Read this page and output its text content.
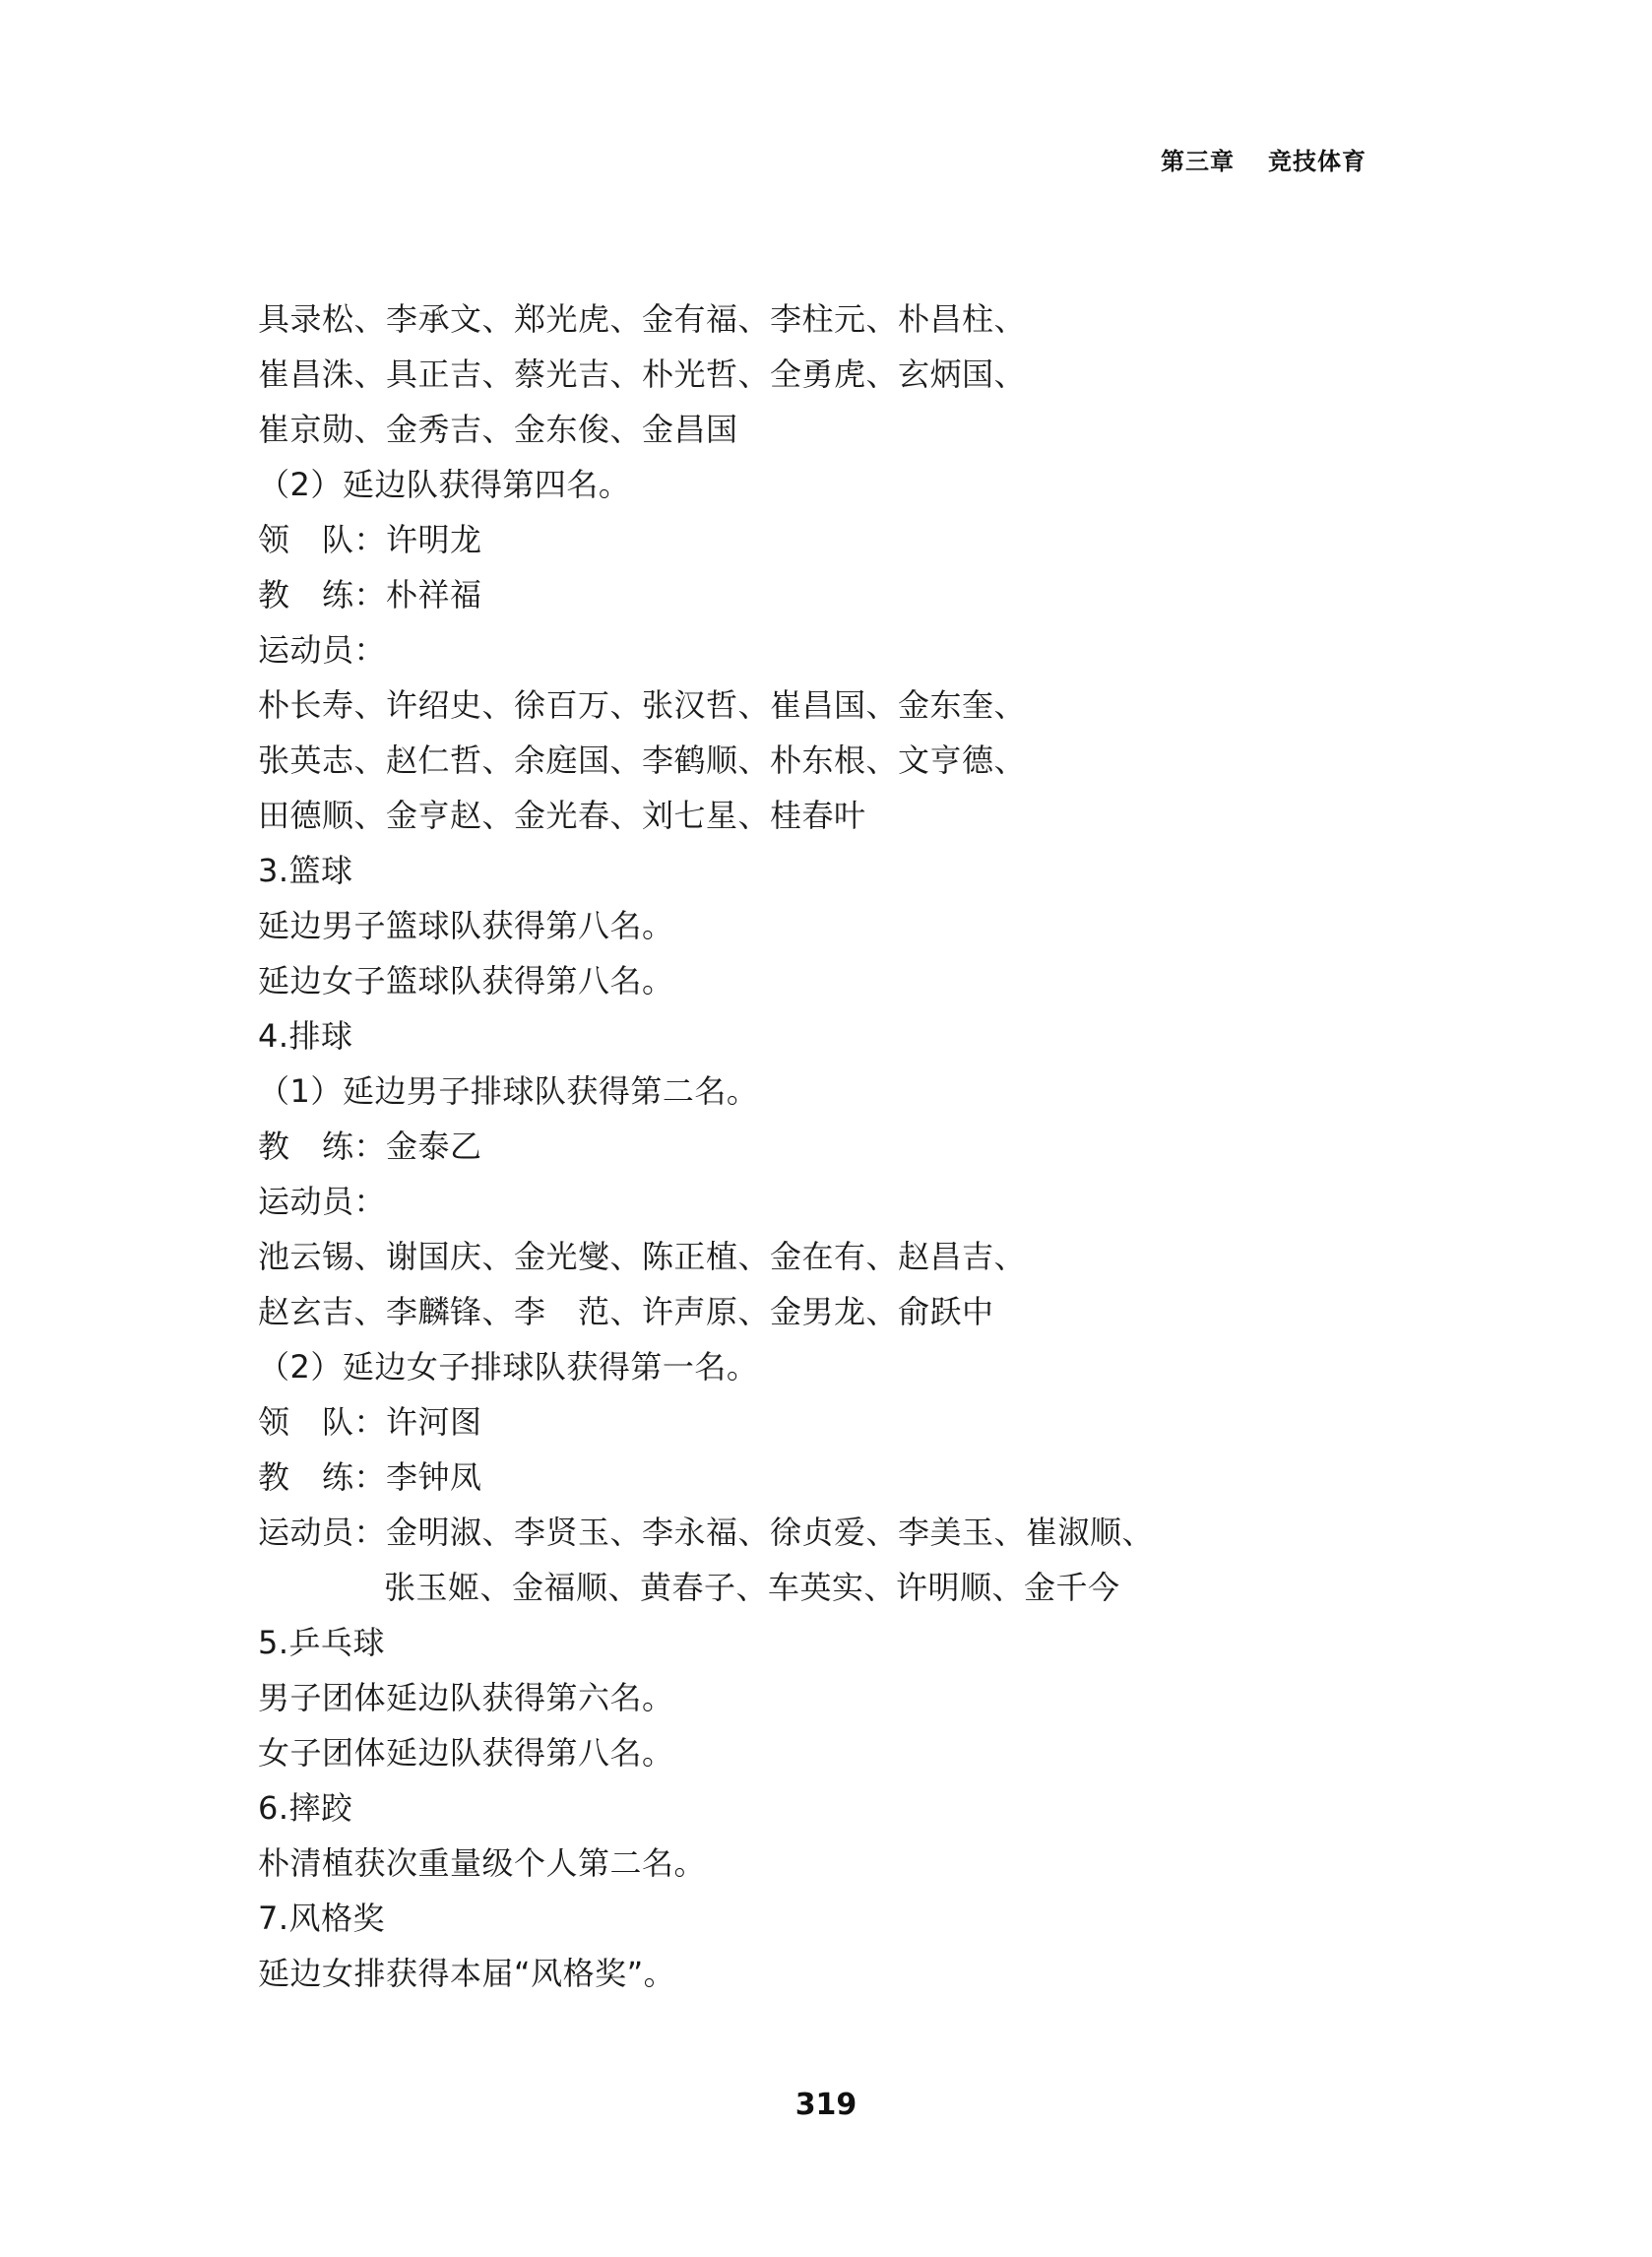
第三章 竞技体育
具录松、李承文、郑光虎、金有福、李柱元、朴昌柱、
崔昌洙、具正吉、蔡光吉、朴光哲、全勇虎、玄炳国、
崔京勋、金秀吉、金东俊、金昌国
（2）延边队获得第四名。
领　队：许明龙
教　练：朴祥福
运动员：
朴长寿、许绍史、徐百万、张汉哲、崔昌国、金东奎、
张英志、赵仁哲、余庭国、李鹤顺、朴东根、文亨德、
田德顺、金亨赵、金光春、刘七星、桂春叶
3.篮球
延边男子篮球队获得第八名。
延边女子篮球队获得第八名。
4.排球
（1）延边男子排球队获得第二名。
教　练：金泰乙
运动员：
池云锡、谢国庆、金光燮、陈正植、金在有、赵昌吉、
赵玄吉、李麟锋、李　范、许声原、金男龙、俞跃中
（2）延边女子排球队获得第一名。
领　队：许河图
教　练：李钟凤
运动员：金明淑、李贤玉、李永福、徐贞爱、李美玉、崔淑顺、
张玉姬、金福顺、黄春子、车英实、许明顺、金千今
5.乒乓球
男子团体延边队获得第六名。
女子团体延边队获得第八名。
6.摔跤
朴清植获次重量级个人第二名。
7.风格奖
延边女排获得本届“风格奖”。
319
